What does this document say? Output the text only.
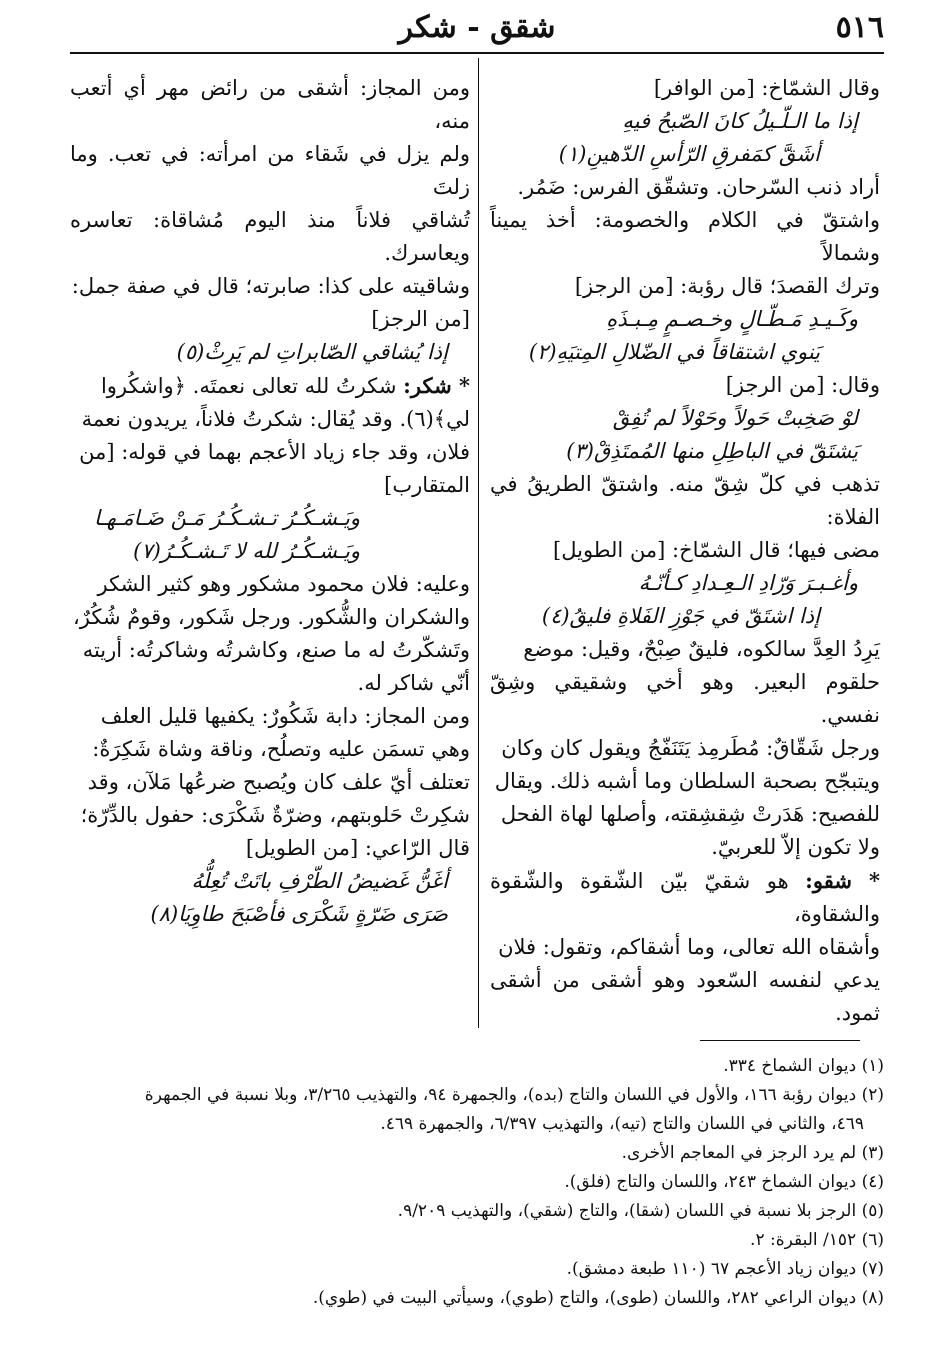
٥١٦
شقق - شكر
وقال الشمّاخ: [من الوافر]
إذا ما الـلّـيلُ كانَ الصّبحُ فيهِ
أشَقَّ كمَفرقِ الرّأسِ الدّهينِ(١)
أراد ذنب السّرحان. وتشقّق الفرس: ضَمُر.
واشتقّ في الكلام والخصومة: أخذ يميناً وشمالاً
وترك القصدَ؛ قال رؤبة: [من الرجز]
وكَـيـدِ مَـطّـالٍ وخـصـمٍ مِـبـذَهِ
يَنوي اشتقاقاً في الضّلالِ المِتيَهِ(٢)
وقال: [من الرجز]
لوْ صَخِبتْ حَولاً وحَوْلاً لم تُفِقْ
يَشتَقّ في الباطِلِ منها المُمتَذِقْ(٣)
تذهب في كلّ شِقّ منه. واشتقّ الطريقُ في الفلاة:
مضى فيها؛ قال الشمّاخ: [من الطويل]
وأغـبـرَ وَرّادِ الـعِـدادِ كـأنّـهُ
إذا اشتَقّ في جَوْزِ الفَلاةِ فليقُ(٤)
يَرِدُ العِدَّ سالكوه، فليقٌ صِبْحٌ، وقيل: موضع
حلقوم البعير. وهو أخي وشقيقي وشِقّ نفسي.
ورجل شَقّاقٌ: مُطَرمِذ يَتَنَفّجُ ويقول كان وكان
ويتبجّح بصحبة السلطان وما أشبه ذلك. ويقال
للفصيح: هَدَرتْ شِقشِقته، وأصلها لهاة الفحل
ولا تكون إلاّ للعربيّ.
* شقو: هو شقيّ بيّن الشّقوة والشّقوة والشقاوة،
وأشقاه الله تعالى، وما أشقاكم، وتقول: فلان
يدعي لنفسه السّعود وهو أشقى من أشقى ثمود.
ومن المجاز: أشقى من رائض مهر أي أتعب منه،
ولم يزل في شَقاء من امرأته: في تعب. وما زلتَ
تُشاقي فلاناً منذ اليوم مُشاقاة: تعاسره ويعاسرك.
وشاقيته على كذا: صابرته؛ قال في صفة جمل:
[من الرجز]
إذا يُشاقي الصّابراتِ لم يَرِثْ(٥)
* شكر: شكرتُ لله تعالى نعمتَه. ﴿واشكُروا
لي﴾(٦). وقد يُقال: شكرتُ فلاناً، يريدون نعمة
فلان، وقد جاء زياد الأعجم بهما في قوله: [من
المتقارب]
ويَـشـكُـرُ تـشـكُـرُ مَـنْ ضَـامَـهـا
ويَـشـكُـرُ لله لا تَـشـكُـرُ(٧)
وعليه: فلان محمود مشكور وهو كثير الشكر
والشكران والشُّكور. ورجل شَكور، وقومٌ شُكُرٌ،
وتَشكّرتُ له ما صنع، وكاشرتُه وشاكرتُه: أريته
أنّي شاكر له.
ومن المجاز: دابة شَكُورٌ: يكفيها قليل العلف
وهي تسمَن عليه وتصلُح، وناقة وشاة شَكِرَةٌ:
تعتلف أيّ علف كان ويُصبح ضرعُها مَلآن، وقد
شكِرتْ حَلوبتهم، وضرّةٌ شَكْرَى: حفول بالدِّرّة؛
قال الرّاعي: [من الطويل]
أغَنُّ غَضيضُ الطّرْفِ باتَتْ تُعِلُّهُ
صَرَى ضَرّةٍ شَكْرَى فأصْبَحَ طاوِيَا(٨)
(١) ديوان الشماخ ٣٣٤.
(٢) ديوان رؤبة ١٦٦، والأول في اللسان والتاج (بده)، والجمهرة ٩٤، والتهذيب ٣/٢٦٥، وبلا نسبة في الجمهرة
٤٦٩، والثاني في اللسان والتاج (تيه)، والتهذيب ٦/٣٩٧، والجمهرة ٤٦٩.
(٣) لم يرد الرجز في المعاجم الأخرى.
(٤) ديوان الشماخ ٢٤٣، واللسان والتاج (فلق).
(٥) الرجز بلا نسبة في اللسان (شقا)، والتاج (شقي)، والتهذيب ٩/٢٠٩.
(٦) ١٥٢/ البقرة: ٢.
(٧) ديوان زياد الأعجم ٦٧ (١١٠ طبعة دمشق).
(٨) ديوان الراعي ٢٨٢، واللسان (طوى)، والتاج (طوي)، وسيأتي البيت في (طوي).
